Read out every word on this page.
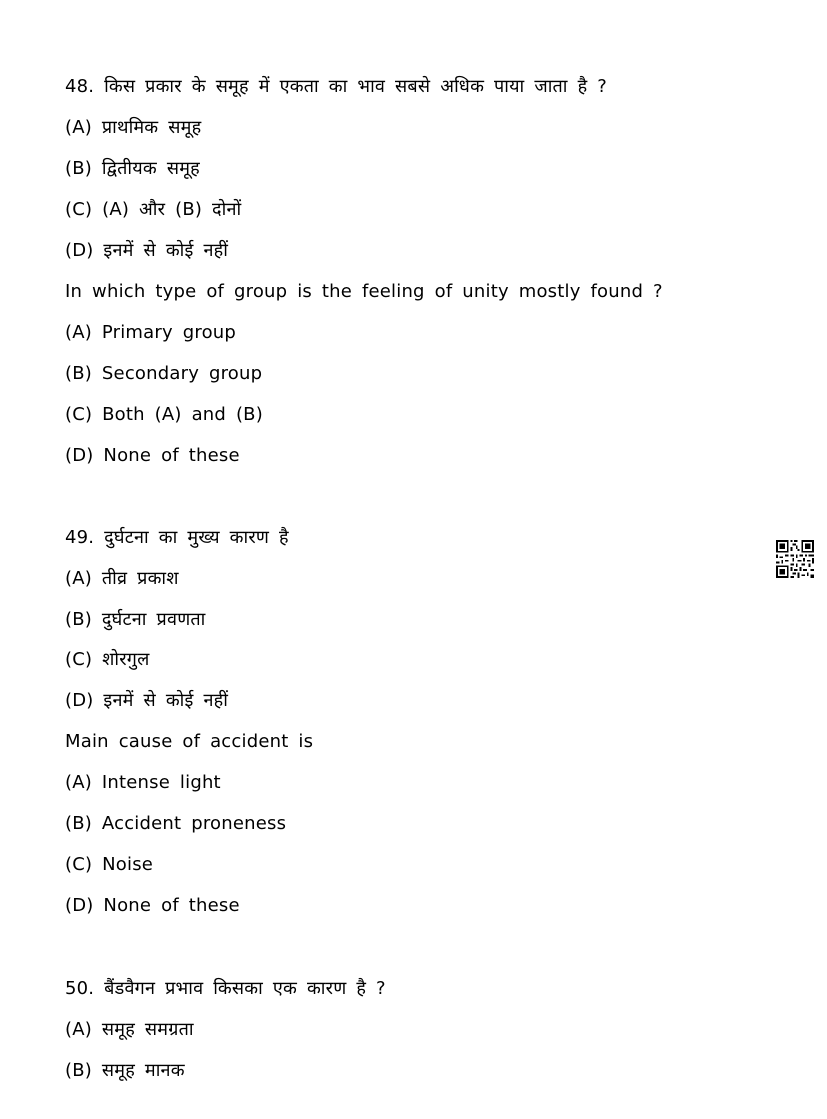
48. किस प्रकार के समूह में एकता का भाव सबसे अधिक पाया जाता है ?
(A) प्राथमिक समूह
(B) द्वितीयक समूह
(C) (A) और (B) दोनों
(D) इनमें से कोई नहीं
In which type of group is the feeling of unity mostly found ?
(A) Primary group
(B) Secondary group
(C) Both (A) and (B)
(D) None of these
49. दुर्घटना का मुख्य कारण है
(A) तीव्र प्रकाश
(B) दुर्घटना प्रवणता
(C) शोरगुल
(D) इनमें से कोई नहीं
Main cause of accident is
(A) Intense light
(B) Accident proneness
(C) Noise
(D) None of these
50. बैंडवैगन प्रभाव किसका एक कारण है ?
(A) समूह समग्रता
(B) समूह मानक
